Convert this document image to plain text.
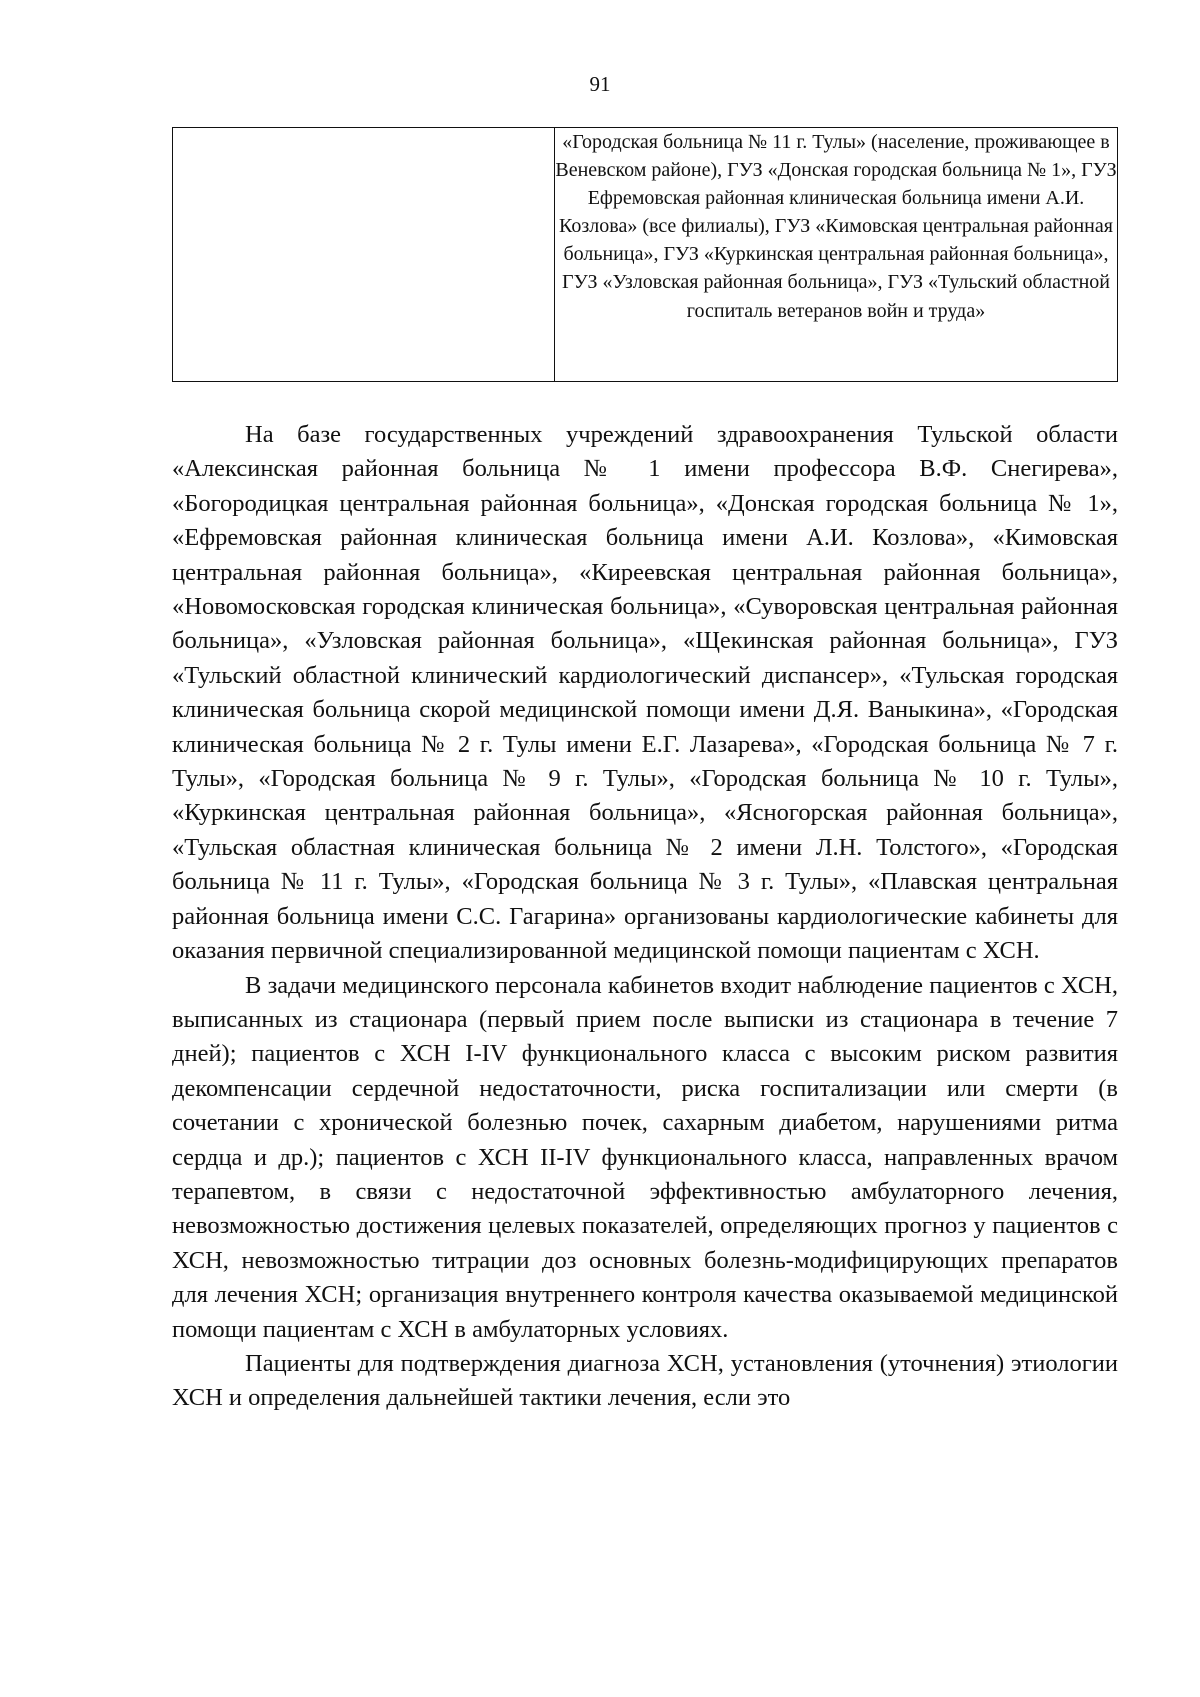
91
	«Городская больница № 11 г. Тулы» (население, проживающее в Веневском районе), ГУЗ «Донская городская больница № 1», ГУЗ Ефремовская районная клиническая больница имени А.И. Козлова» (все филиалы), ГУЗ «Кимовская центральная районная больница», ГУЗ «Куркинская центральная районная больница», ГУЗ «Узловская районная больница», ГУЗ «Тульский областной госпиталь ветеранов войн и труда»

На базе государственных учреждений здравоохранения Тульской области «Алексинская районная больница № 1 имени профессора В.Ф. Снегирева», «Богородицкая центральная районная больница», «Донская городская больница № 1», «Ефремовская районная клиническая больница имени А.И. Козлова», «Кимовская центральная районная больница», «Киреевская центральная районная больница», «Новомосковская городская клиническая больница», «Суворовская центральная районная больница», «Узловская районная больница», «Щекинская районная больница», ГУЗ «Тульский областной клинический кардиологический диспансер», «Тульская городская клиническая больница скорой медицинской помощи имени Д.Я. Ваныкина», «Городская клиническая больница № 2 г. Тулы имени Е.Г. Лазарева», «Городская больница № 7 г. Тулы», «Городская больница № 9 г. Тулы», «Городская больница № 10 г. Тулы», «Куркинская центральная районная больница», «Ясногорская районная больница», «Тульская областная клиническая больница № 2 имени Л.Н. Толстого», «Городская больница № 11 г. Тулы», «Городская больница № 3 г. Тулы», «Плавская центральная районная больница имени С.С. Гагарина» организованы кардиологические кабинеты для оказания первичной специализированной медицинской помощи пациентам с ХСН.

В задачи медицинского персонала кабинетов входит наблюдение пациентов с ХСН, выписанных из стационара (первый прием после выписки из стационара в течение 7 дней); пациентов с ХСН I-IV функционального класса с высоким риском развития декомпенсации сердечной недостаточности, риска госпитализации или смерти (в сочетании с хронической болезнью почек, сахарным диабетом, нарушениями ритма сердца и др.); пациентов с ХСН II-IV функционального класса, направленных врачом терапевтом, в связи с недостаточной эффективностью амбулаторного лечения, невозможностью достижения целевых показателей, определяющих прогноз у пациентов с ХСН, невозможностью титрации доз основных болезнь-модифицирующих препаратов для лечения ХСН; организация внутреннего контроля качества оказываемой медицинской помощи пациентам с ХСН в амбулаторных условиях.

Пациенты для подтверждения диагноза ХСН, установления (уточнения) этиологии ХСН и определения дальнейшей тактики лечения, если это
